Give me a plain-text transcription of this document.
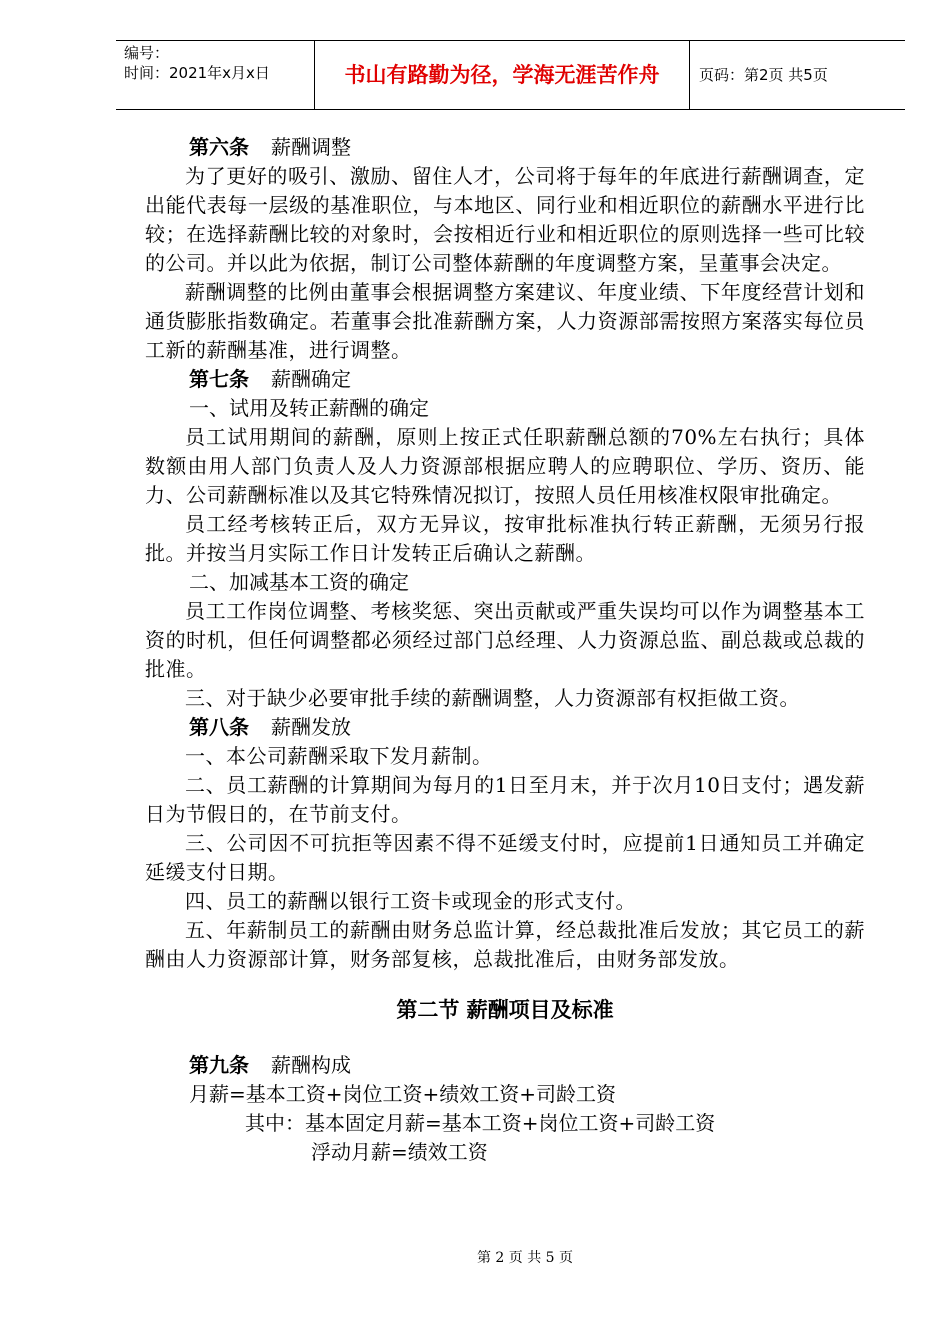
编号：
时间：2021年x月x日	书山有路勤为径，学海无涯苦作舟	页码：第2页 共5页

第六条 薪酬调整

为了更好的吸引、激励、留住人才，公司将于每年的年底进行薪酬调查，定出能代表每一层级的基准职位，与本地区、同行业和相近职位的薪酬水平进行比较；在选择薪酬比较的对象时，会按相近行业和相近职位的原则选择一些可比较的公司。并以此为依据，制订公司整体薪酬的年度调整方案，呈董事会决定。

薪酬调整的比例由董事会根据调整方案建议、年度业绩、下年度经营计划和通货膨胀指数确定。若董事会批准薪酬方案，人力资源部需按照方案落实每位员工新的薪酬基准，进行调整。

第七条 薪酬确定

一、试用及转正薪酬的确定

员工试用期间的薪酬，原则上按正式任职薪酬总额的70%左右执行；具体数额由用人部门负责人及人力资源部根据应聘人的应聘职位、学历、资历、能力、公司薪酬标准以及其它特殊情况拟订，按照人员任用核准权限审批确定。

员工经考核转正后，双方无异议，按审批标准执行转正薪酬，无须另行报批。并按当月实际工作日计发转正后确认之薪酬。

二、加减基本工资的确定

员工工作岗位调整、考核奖惩、突出贡献或严重失误均可以作为调整基本工资的时机，但任何调整都必须经过部门总经理、人力资源总监、副总裁或总裁的批准。

三、对于缺少必要审批手续的薪酬调整，人力资源部有权拒做工资。

第八条 薪酬发放

一、本公司薪酬采取下发月薪制。

二、员工薪酬的计算期间为每月的1日至月末，并于次月10日支付；遇发薪日为节假日的，在节前支付。

三、公司因不可抗拒等因素不得不延缓支付时，应提前1日通知员工并确定延缓支付日期。

四、员工的薪酬以银行工资卡或现金的形式支付。

五、年薪制员工的薪酬由财务总监计算，经总裁批准后发放；其它员工的薪酬由人力资源部计算，财务部复核，总裁批准后，由财务部发放。

第二节 薪酬项目及标准

第九条 薪酬构成

月薪=基本工资+岗位工资+绩效工资+司龄工资

其中：基本固定月薪=基本工资+岗位工资+司龄工资

浮动月薪=绩效工资

第 2 页 共 5 页
